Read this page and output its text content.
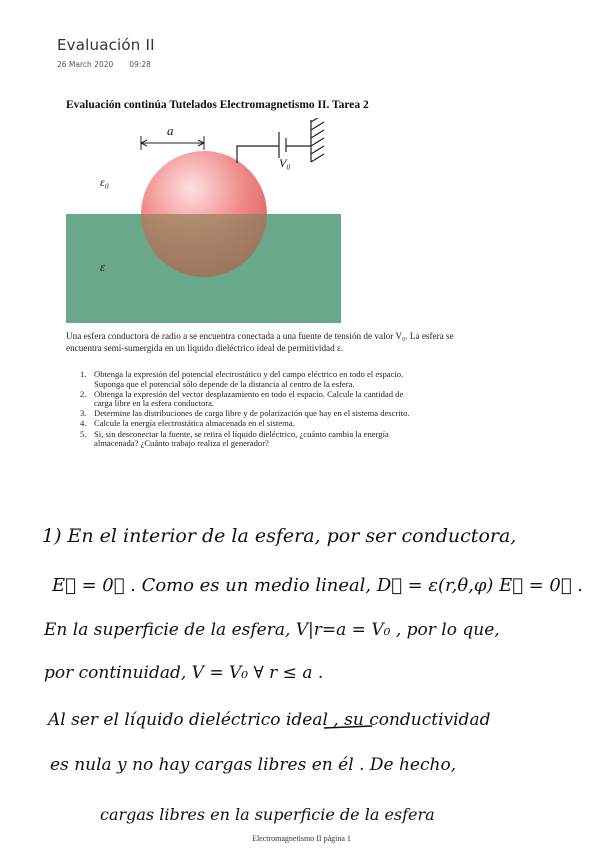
Evaluación II
26 March 2020 09:28
Evaluación continúa Tutelados Electromagnetismo II. Tarea 2
a
V₀
ε₀
ε
Una esfera conductora de radio a se encuentra conectada a una fuente de tensión de valor V₀. La esfera se encuentra semi-sumergida en un líquido dieléctrico ideal de permitividad ε.
1. Obtenga la expresión del potencial electrostático y del campo eléctrico en todo el espacio. Suponga que el potencial sólo depende de la distancia al centro de la esfera.
2. Obtenga la expresión del vector desplazamiento en todo el espacio. Calcule la cantidad de carga libre en la esfera conductora.
3. Determine las distribuciones de carga libre y de polarización que hay en el sistema descrito.
4. Calcule la energía electrostática almacenada en el sistema.
5. Si, sin desconectar la fuente, se retira el líquido dieléctrico, ¿cuánto cambia la energía almacenada? ¿Cuánto trabajo realiza el generador?
1) En el interior de la esfera, por ser conductora,
E⃗ = 0⃗ . Como es un medio lineal, D⃗ = ε(r,θ,φ) E⃗ = 0⃗ .
En la superficie de la esfera, V|r=a = V₀ , por lo que,
por continuidad, V = V₀ ∀ r ≤ a .
Al ser el líquido dieléctrico ideal , su conductividad
es nula y no hay cargas libres en él . De hecho,
cargas libres en la superficie de la esfera
Electromagnetismo II página 1
